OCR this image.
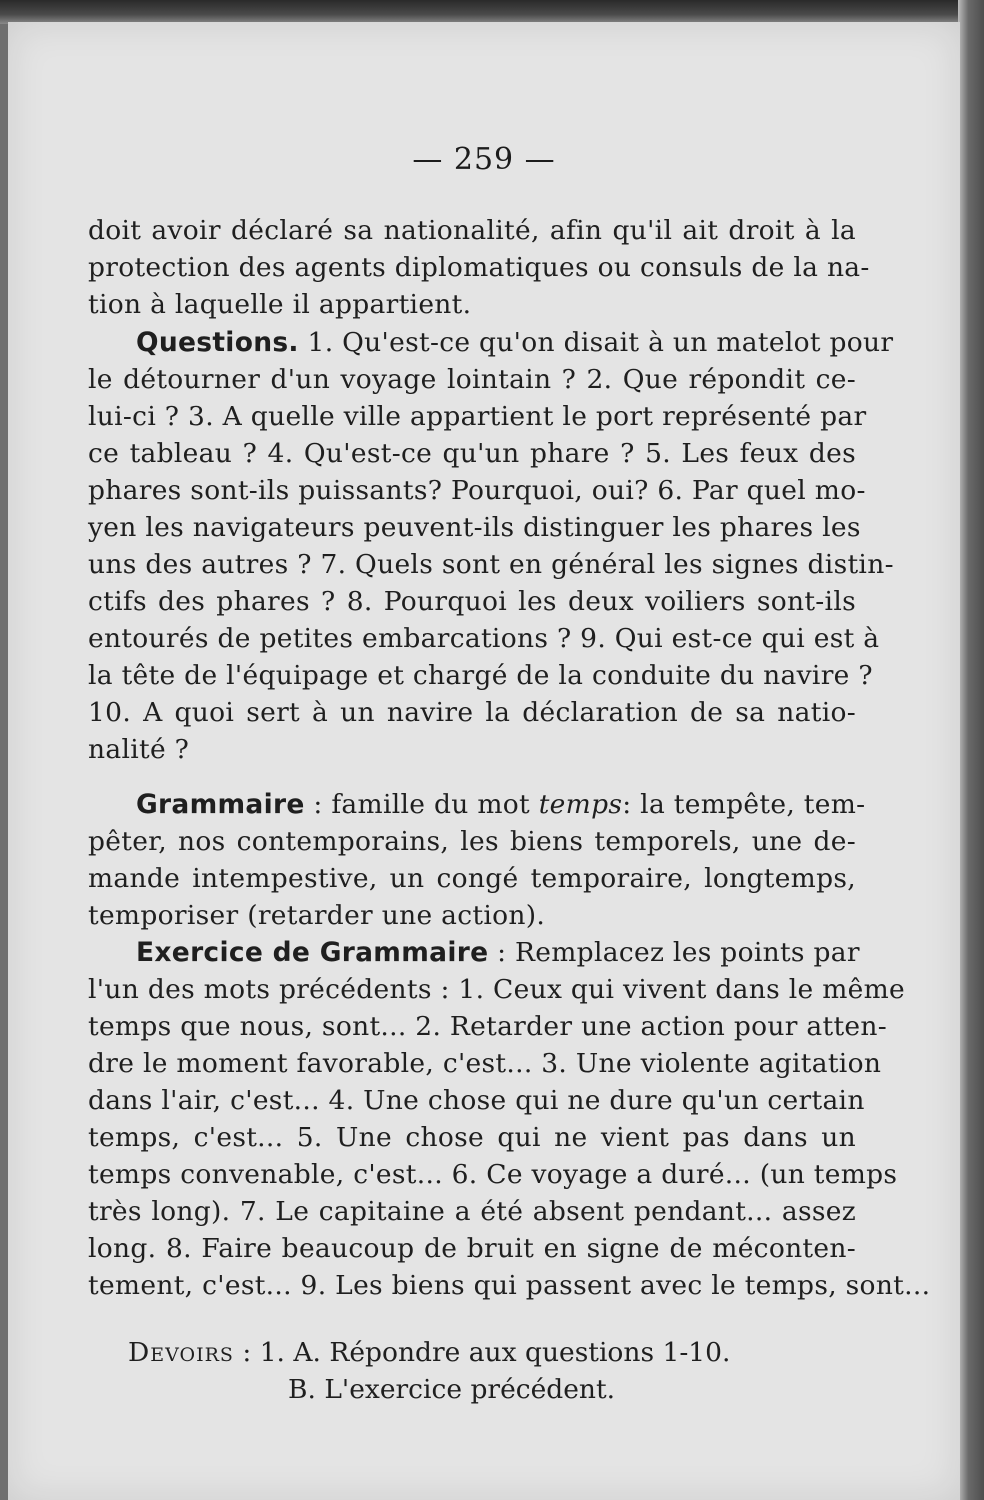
— 259 —
doit avoir déclaré sa nationalité, afin qu'il ait droit à la
protection des agents diplomatiques ou consuls de la na-
tion à laquelle il appartient.
Questions. 1. Qu'est-ce qu'on disait à un matelot pour
le détourner d'un voyage lointain ? 2. Que répondit ce-
lui-ci ? 3. A quelle ville appartient le port représenté par
ce tableau ? 4. Qu'est-ce qu'un phare ? 5. Les feux des
phares sont-ils puissants? Pourquoi, oui? 6. Par quel mo-
yen les navigateurs peuvent-ils distinguer les phares les
uns des autres ? 7. Quels sont en général les signes distin-
ctifs des phares ? 8. Pourquoi les deux voiliers sont-ils
entourés de petites embarcations ? 9. Qui est-ce qui est à
la tête de l'équipage et chargé de la conduite du navire ?
10. A quoi sert à un navire la déclaration de sa natio-
nalité ?
Grammaire : famille du mot temps: la tempête, tem-
pêter, nos contemporains, les biens temporels, une de-
mande intempestive, un congé temporaire, longtemps,
temporiser (retarder une action).
Exercice de Grammaire : Remplacez les points par
l'un des mots précédents : 1. Ceux qui vivent dans le même
temps que nous, sont... 2. Retarder une action pour atten-
dre le moment favorable, c'est... 3. Une violente agitation
dans l'air, c'est... 4. Une chose qui ne dure qu'un certain
temps, c'est... 5. Une chose qui ne vient pas dans un
temps convenable, c'est... 6. Ce voyage a duré... (un temps
très long). 7. Le capitaine a été absent pendant... assez
long. 8. Faire beaucoup de bruit en signe de méconten-
tement, c'est... 9. Les biens qui passent avec le temps, sont...
Devoirs : 1. A. Répondre aux questions 1-10.
B. L'exercice précédent.
